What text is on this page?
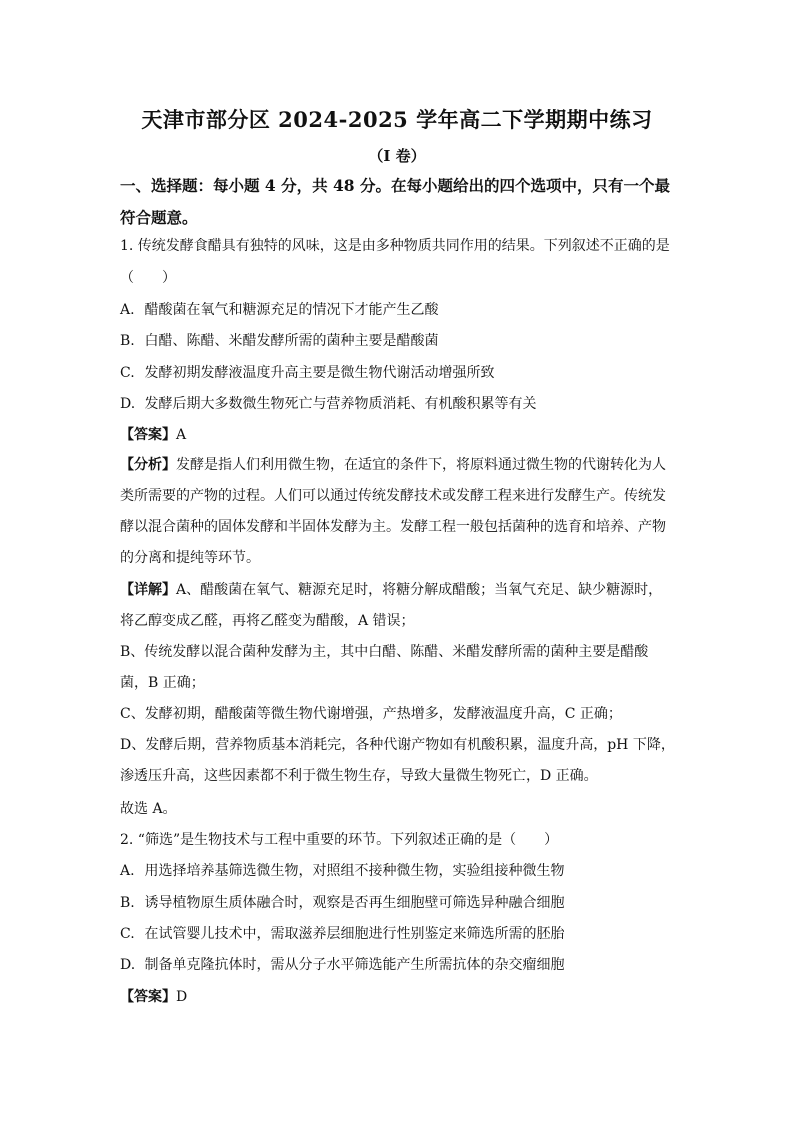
天津市部分区 2024-2025 学年高二下学期期中练习
（I 卷）
一、选择题：每小题 4 分，共 48 分。在每小题给出的四个选项中，只有一个最符合题意。
1. 传统发酵食醋具有独特的风味，这是由多种物质共同作用的结果。下列叙述不正确的是
（　　）
A. 醋酸菌在氧气和糖源充足的情况下才能产生乙酸
B. 白醋、陈醋、米醋发酵所需的菌种主要是醋酸菌
C. 发酵初期发酵液温度升高主要是微生物代谢活动增强所致
D. 发酵后期大多数微生物死亡与营养物质消耗、有机酸积累等有关
【答案】A
【分析】发酵是指人们利用微生物，在适宜的条件下，将原料通过微生物的代谢转化为人类所需要的产物的过程。人们可以通过传统发酵技术或发酵工程来进行发酵生产。传统发酵以混合菌种的固体发酵和半固体发酵为主。发酵工程一般包括菌种的选育和培养、产物的分离和提纯等环节。
【详解】A、醋酸菌在氧气、糖源充足时，将糖分解成醋酸；当氧气充足、缺少糖源时，将乙醇变成乙醛，再将乙醛变为醋酸，A 错误；
B、传统发酵以混合菌种发酵为主，其中白醋、陈醋、米醋发酵所需的菌种主要是醋酸菌，B 正确；
C、发酵初期，醋酸菌等微生物代谢增强，产热增多，发酵液温度升高，C 正确；
D、发酵后期，营养物质基本消耗完，各种代谢产物如有机酸积累，温度升高，pH 下降，渗透压升高，这些因素都不利于微生物生存，导致大量微生物死亡，D 正确。
故选 A。
2. “筛选”是生物技术与工程中重要的环节。下列叙述正确的是（　　）
A. 用选择培养基筛选微生物，对照组不接种微生物，实验组接种微生物
B. 诱导植物原生质体融合时，观察是否再生细胞壁可筛选异种融合细胞
C. 在试管婴儿技术中，需取滋养层细胞进行性别鉴定来筛选所需的胚胎
D. 制备单克隆抗体时，需从分子水平筛选能产生所需抗体的杂交瘤细胞
【答案】D
